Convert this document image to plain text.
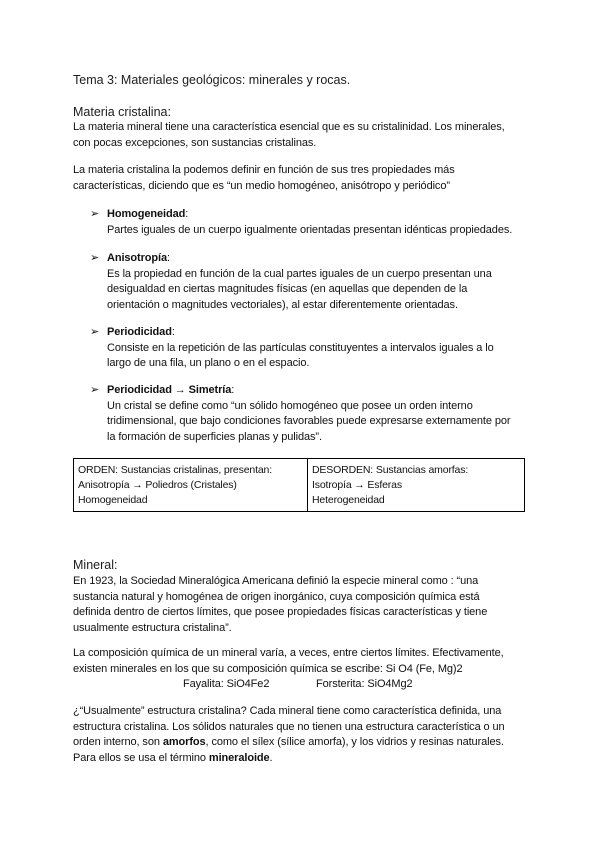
Tema 3: Materiales geológicos: minerales y rocas.
Materia cristalina:
La materia mineral tiene una característica esencial que es su cristalinidad. Los minerales,
con pocas excepciones, son sustancias cristalinas.
La materia cristalina la podemos definir en función de sus tres propiedades más
características, diciendo que es “un medio homogéneo, anisótropo y periódico”
➢ Homogeneidad:
Partes iguales de un cuerpo igualmente orientadas presentan idénticas propiedades.
➢ Anisotropía:
Es la propiedad en función de la cual partes iguales de un cuerpo presentan una
desigualdad en ciertas magnitudes físicas (en aquellas que dependen de la
orientación o magnitudes vectoriales), al estar diferentemente orientadas.
➢ Periodicidad:
Consiste en la repetición de las partículas constituyentes a intervalos iguales a lo
largo de una fila, un plano o en el espacio.
➢ Periodicidad → Simetría:
Un cristal se define como “un sólido homogéneo que posee un orden interno
tridimensional, que bajo condiciones favorables puede expresarse externamente por
la formación de superficies planas y pulidas”.
ORDEN: Sustancias cristalinas, presentan:
Anisotropía → Poliedros (Cristales)
Homogeneidad

DESORDEN: Sustancias amorfas:
Isotropía → Esferas
Heterogeneidad
Mineral:
En 1923, la Sociedad Mineralógica Americana definió la especie mineral como : “una
sustancia natural y homogénea de origen inorgánico, cuya composición química está
definida dentro de ciertos límites, que posee propiedades físicas características y tiene
usualmente estructura cristalina”.
La composición química de un mineral varía, a veces, entre ciertos límites. Efectivamente,
existen minerales en los que su composición química se escribe: Si O4 (Fe, Mg)2
Fayalita: SiO4Fe2	Forsterita: SiO4Mg2
¿“Usualmente” estructura cristalina? Cada mineral tiene como característica definida, una
estructura cristalina. Los sólidos naturales que no tienen una estructura característica o un
orden interno, son amorfos, como el sílex (sílice amorfa), y los vidrios y resinas naturales.
Para ellos se usa el término mineraloide.
